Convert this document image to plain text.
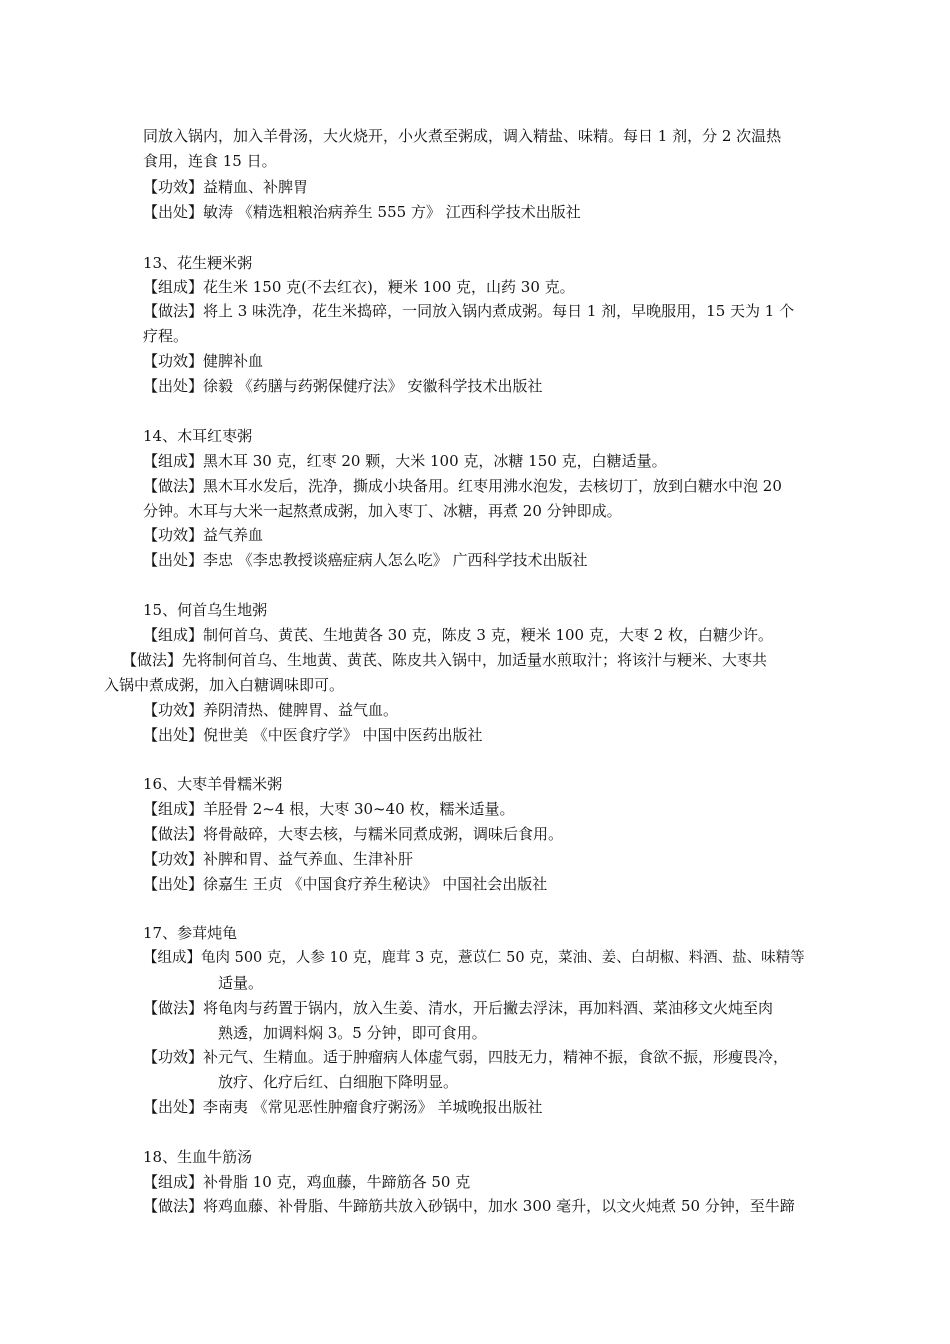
同放入锅内，加入羊骨汤，大火烧开，小火煮至粥成，调入精盐、味精。每日 1 剂，分 2 次温热
食用，连食 15 日。
【功效】益精血、补脾胃
【出处】敏涛 《精选粗粮治病养生 555 方》 江西科学技术出版社
13、花生粳米粥
【组成】花生米 150 克(不去红衣)，粳米 100 克，山药 30 克。
【做法】将上 3 味洗净，花生米捣碎，一同放入锅内煮成粥。每日 1 剂，早晚服用，15 天为 1 个
疗程。
【功效】健脾补血
【出处】徐毅 《药膳与药粥保健疗法》 安徽科学技术出版社
14、木耳红枣粥
【组成】黑木耳 30 克，红枣 20 颗，大米 100 克，冰糖 150 克，白糖适量。
【做法】黑木耳水发后，洗净，撕成小块备用。红枣用沸水泡发，去核切丁，放到白糖水中泡 20
分钟。木耳与大米一起熬煮成粥，加入枣丁、冰糖，再煮 20 分钟即成。
【功效】益气养血
【出处】李忠 《李忠教授谈癌症病人怎么吃》 广西科学技术出版社
15、何首乌生地粥
【组成】制何首乌、黄芪、生地黄各 30 克，陈皮 3 克，粳米 100 克，大枣 2 枚，白糖少许。
【做法】先将制何首乌、生地黄、黄芪、陈皮共入锅中，加适量水煎取汁；将该汁与粳米、大枣共
入锅中煮成粥，加入白糖调味即可。
【功效】养阴清热、健脾胃、益气血。
【出处】倪世美 《中医食疗学》 中国中医药出版社
16、大枣羊骨糯米粥
【组成】羊胫骨 2~4 根，大枣 30~40 枚，糯米适量。
【做法】将骨敲碎，大枣去核，与糯米同煮成粥，调味后食用。
【功效】补脾和胃、益气养血、生津补肝
【出处】徐嘉生 王贞 《中国食疗养生秘诀》 中国社会出版社
17、参茸炖龟
【组成】龟肉 500 克，人参 10 克，鹿茸 3 克，薏苡仁 50 克，菜油、姜、白胡椒、料酒、盐、味精等
适量。
【做法】将龟肉与药置于锅内，放入生姜、清水，开后撇去浮沫，再加料酒、菜油移文火炖至肉
熟透，加调料焖 3。5 分钟，即可食用。
【功效】补元气、生精血。适于肿瘤病人体虚气弱，四肢无力，精神不振，食欲不振，形瘦畏冷，
放疗、化疗后红、白细胞下降明显。
【出处】李南夷 《常见恶性肿瘤食疗粥汤》 羊城晚报出版社
18、生血牛筋汤
【组成】补骨脂 10 克，鸡血藤，牛蹄筋各 50 克
【做法】将鸡血藤、补骨脂、牛蹄筋共放入砂锅中，加水 300 毫升，以文火炖煮 50 分钟，至牛蹄
